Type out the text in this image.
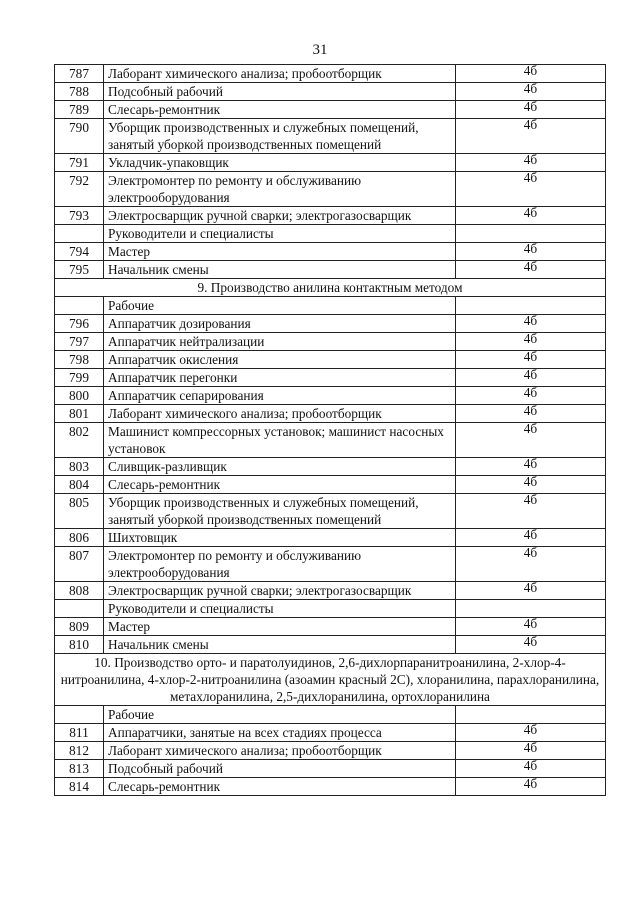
31
787	Лаборант химического анализа; пробоотборщик	4б
788	Подсобный рабочий	4б
789	Слесарь-ремонтник	4б
790	Уборщик производственных и служебных помещений, занятый уборкой производственных помещений	4б
791	Укладчик-упаковщик	4б
792	Электромонтер по ремонту и обслуживанию электрооборудования	4б
793	Электросварщик ручной сварки; электрогазосварщик	4б
	Руководители и специалисты	
794	Мастер	4б
795	Начальник смены	4б
9. Производство анилина контактным методом		
	Рабочие	
796	Аппаратчик дозирования	4б
797	Аппаратчик нейтрализации	4б
798	Аппаратчик окисления	4б
799	Аппаратчик перегонки	4б
800	Аппаратчик сепарирования	4б
801	Лаборант химического анализа; пробоотборщик	4б
802	Машинист компрессорных установок; машинист насосных установок	4б
803	Сливщик-разливщик	4б
804	Слесарь-ремонтник	4б
805	Уборщик производственных и служебных помещений, занятый уборкой производственных помещений	4б
806	Шихтовщик	4б
807	Электромонтер по ремонту и обслуживанию электрооборудования	4б
808	Электросварщик ручной сварки; электрогазосварщик	4б
	Руководители и специалисты	
809	Мастер	4б
810	Начальник смены	4б
10. Производство орто- и паратолуидинов, 2,6-дихлорпаранитроанилина, 2-хлор-4-нитроанилина, 4-хлор-2-нитроанилина (азоамин красный 2С), хлоранилина, парахлоранилина, метахлоранилина, 2,5-дихлоранилина, ортохлоранилина		
	Рабочие	
811	Аппаратчики, занятые на всех стадиях процесса	4б
812	Лаборант химического анализа; пробоотборщик	4б
813	Подсобный рабочий	4б
814	Слесарь-ремонтник	4б
